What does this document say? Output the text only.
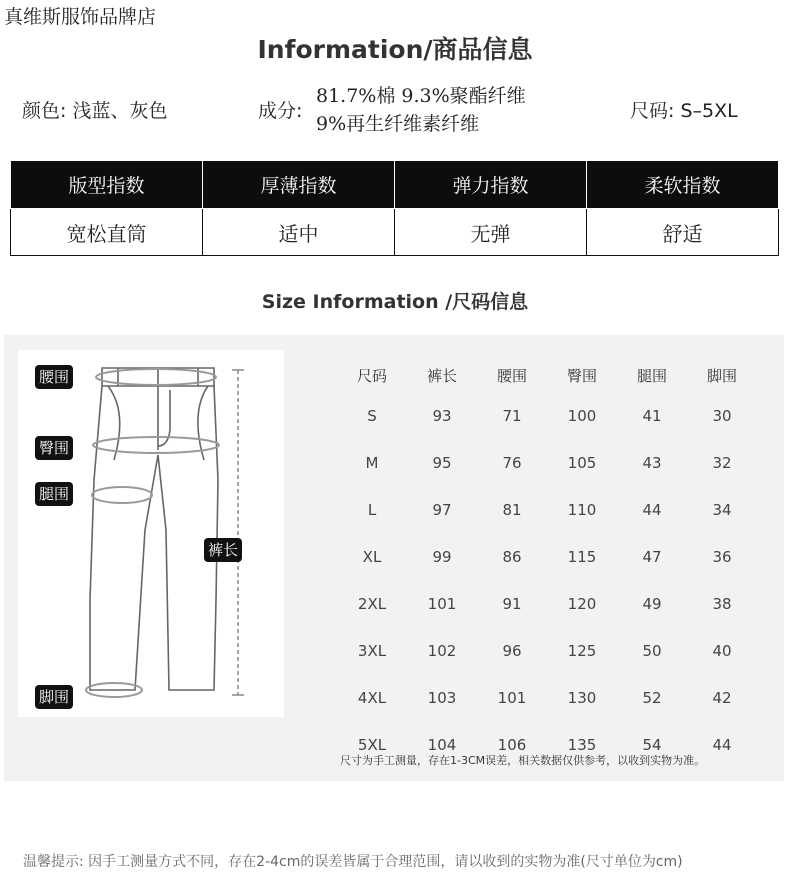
真维斯服饰品牌店
Information/商品信息
颜色: 浅蓝、灰色	成分:
81.7%棉 9.3%聚酯纤维
9%再生纤维素纤维
尺码: S–5XL
版型指数	厚薄指数	弹力指数	柔软指数
宽松直筒	适中	无弹	舒适
Size Information /尺码信息
腰围
臀围
腿围
裤长
脚围
尺码	裤长	腰围	臀围	腿围	脚围
S	93	71	100	41	30
M	95	76	105	43	32
L	97	81	110	44	34
XL	99	86	115	47	36
2XL	101	91	120	49	38
3XL	102	96	125	50	40
4XL	103	101	130	52	42
5XL	104	106	135	54	44
尺寸为手工测量，存在1-3CM误差，相关数据仅供参考，以收到实物为准。
温馨提示: 因手工测量方式不同，存在2-4cm的误差皆属于合理范围，请以收到的实物为准(尺寸单位为cm)
